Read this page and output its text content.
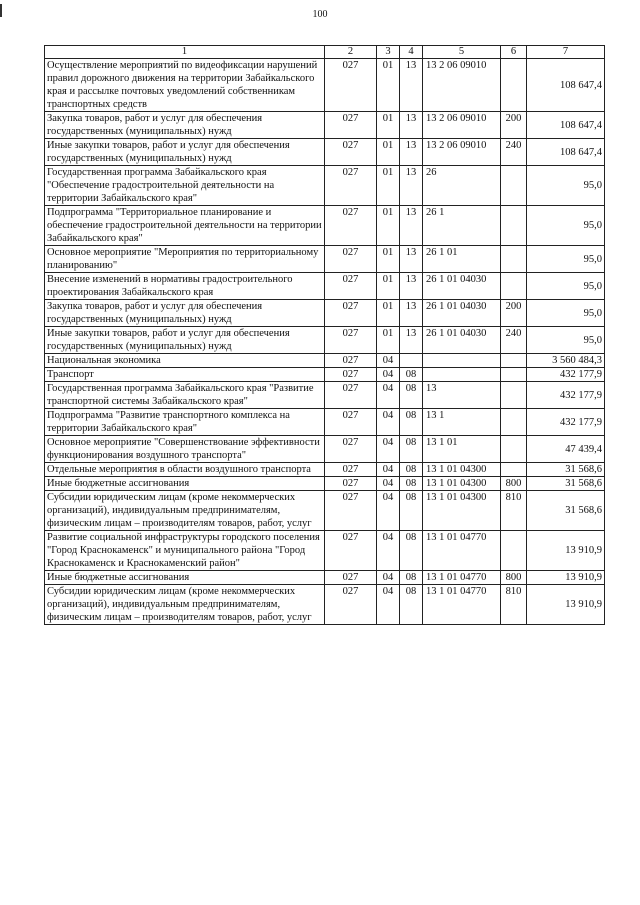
100
1	2	3	4	5	6	7
Осуществление мероприятий по видеофиксации нарушений правил дорожного движения на территории Забайкальского края и рассылке почтовых уведомлений собственникам транспортных средств	027	01	13	13 2 06 09010		108 647,4
Закупка товаров, работ и услуг для обеспечения государственных (муниципальных) нужд	027	01	13	13 2 06 09010	200	108 647,4
Иные закупки товаров, работ и услуг для обеспечения государственных (муниципальных) нужд	027	01	13	13 2 06 09010	240	108 647,4
Государственная программа Забайкальского края "Обеспечение градостроительной деятельности на территории Забайкальского края"	027	01	13	26		95,0
Подпрограмма "Территориальное планирование и обеспечение градостроительной деятельности на территории Забайкальского края"	027	01	13	26 1		95,0
Основное мероприятие "Мероприятия по территориальному планированию"	027	01	13	26 1 01		95,0
Внесение изменений в нормативы градостроительного проектирования Забайкальского края	027	01	13	26 1 01 04030		95,0
Закупка товаров, работ и услуг для обеспечения государственных (муниципальных) нужд	027	01	13	26 1 01 04030	200	95,0
Иные закупки товаров, работ и услуг для обеспечения государственных (муниципальных) нужд	027	01	13	26 1 01 04030	240	95,0
Национальная экономика	027	04				3 560 484,3
Транспорт	027	04	08			432 177,9
Государственная программа Забайкальского края "Развитие транспортной системы Забайкальского края"	027	04	08	13		432 177,9
Подпрограмма "Развитие транспортного комплекса на территории Забайкальского края"	027	04	08	13 1		432 177,9
Основное мероприятие "Совершенствование эффективности функционирования воздушного транспорта"	027	04	08	13 1 01		47 439,4
Отдельные мероприятия в области воздушного транспорта	027	04	08	13 1 01 04300		31 568,6
Иные бюджетные ассигнования	027	04	08	13 1 01 04300	800	31 568,6
Субсидии юридическим лицам (кроме некоммерческих организаций), индивидуальным предпринимателям, физическим лицам – производителям товаров, работ, услуг	027	04	08	13 1 01 04300	810	31 568,6
Развитие социальной инфраструктуры городского поселения "Город Краснокаменск" и муниципального района "Город Краснокаменск и Краснокаменский район"	027	04	08	13 1 01 04770		13 910,9
Иные бюджетные ассигнования	027	04	08	13 1 01 04770	800	13 910,9
Субсидии юридическим лицам (кроме некоммерческих организаций), индивидуальным предпринимателям, физическим лицам – производителям товаров, работ, услуг	027	04	08	13 1 01 04770	810	13 910,9
